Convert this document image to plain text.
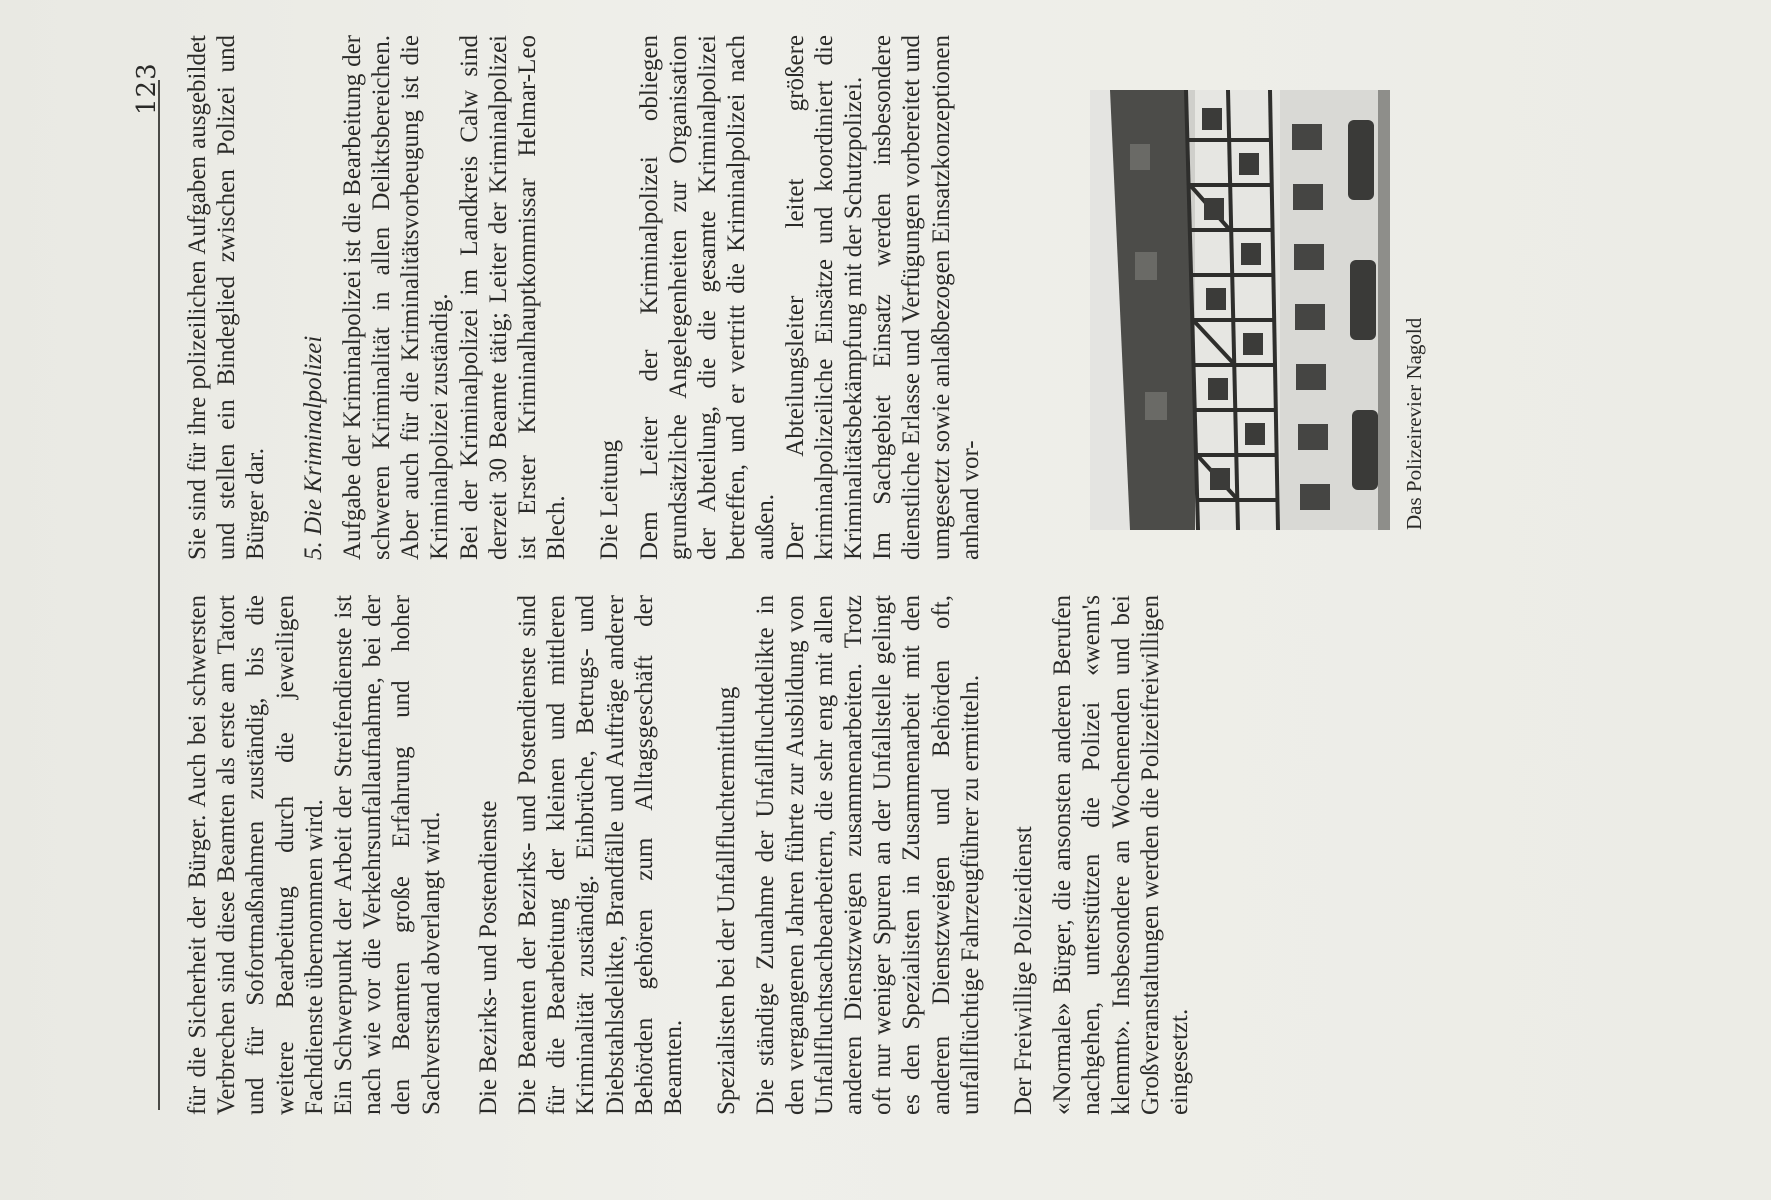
123

für die Sicherheit der Bürger. Auch bei schwersten Verbrechen sind diese Beamten als erste am Tatort und für Sofortmaßnahmen zuständig, bis die weitere Bearbeitung durch die jeweiligen Fachdienste übernommen wird. Ein Schwerpunkt der Arbeit der Streifendienste ist nach wie vor die Verkehrsunfallaufnahme, bei der den Beamten große Erfahrung und hoher Sachverstand abverlangt wird. Die Bezirks- und Postendienste Die Beamten der Bezirks- und Postendienste sind für die Bearbeitung der kleinen und mittleren Kriminalität zuständig. Einbrüche, Betrugs- und Diebstahlsdelikte, Brandfälle und Aufträge anderer Behörden gehören zum Alltagsgeschäft der Beamten. Spezialisten bei der Unfallfluchtermittlung Die ständige Zunahme der Unfallfluchtdelikte in den vergangenen Jahren führte zur Ausbildung von Unfallfluchtsachbearbeitern, die sehr eng mit allen anderen Dienstzweigen zusammenarbeiten. Trotz oft nur weniger Spuren an der Unfallstelle gelingt es den Spezialisten in Zusammenarbeit mit den anderen Dienstzweigen und Behörden oft, unfallflüchtige Fahrzeugführer zu ermitteln. Der Freiwillige Polizeidienst «Normale» Bürger, die ansonsten anderen Berufen nachgehen, unterstützen die Polizei «wenn's klemmt». Insbesondere an Wochenenden und bei Großveranstaltungen werden die Polizeifreiwilligen eingesetzt.

Sie sind für ihre polizeilichen Aufgaben ausgebildet und stellen ein Bindeglied zwischen Polizei und Bürger dar. 5. Die Kriminalpolizei Aufgabe der Kriminalpolizei ist die Bearbeitung der schweren Kriminalität in allen Deliktsbereichen. Aber auch für die Kriminalitätsvorbeugung ist die Kriminalpolizei zuständig. Bei der Kriminalpolizei im Landkreis Calw sind derzeit 30 Beamte tätig; Leiter der Kriminalpolizei ist Erster Kriminalhauptkommissar Helmar-Leo Blech. Die Leitung Dem Leiter der Kriminalpolizei obliegen grundsätzliche Angelegenheiten zur Organisation der Abteilung, die die gesamte Kriminalpolizei betreffen, und er vertritt die Kriminalpolizei nach außen. Der Abteilungsleiter leitet größere kriminalpolizeiliche Einsätze und koordiniert die Kriminalitätsbekämpfung mit der Schutzpolizei. Im Sachgebiet Einsatz werden insbesondere dienstliche Erlasse und Verfügungen vorbereitet und umgesetzt sowie anlaßbezogen Einsatzkonzeptionen anhand vor-	Das Polizeirevier Nagold
